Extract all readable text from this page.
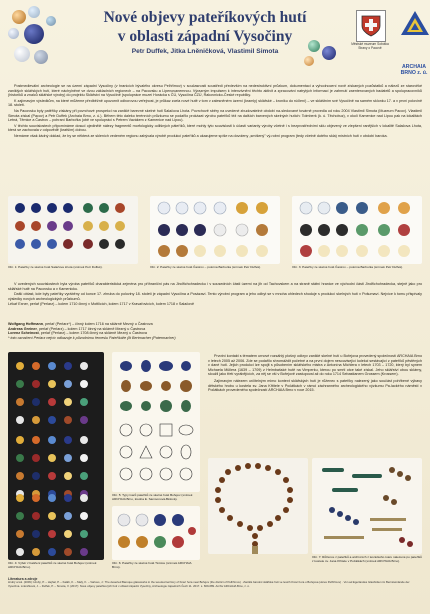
Nové objevy pateříkových hutí
v oblasti západní Vysočiny
Petr Duffek, Jitka Lněničková, Vlastimil Simota
Městské muzeum Sobotka Strany o Pacově
ARCHAIA
BRNO z. ú.

Postmedievální archeologie se na území západní Vysočiny (v hranicích bývalého okresu Pelhřimov) v současnosti soustředí především na nedestruktivní průzkum, dokumentaci a vyhodnocení nově získaných pozůstatků a nálezů ze starověké zaniklých sklářských hutí, které náchylněné ve dvou základních regionech – na Pacovsku a Lipenovanemnou. Výrazným impulsem k intenzivnění těchto aktivit a zpracování natrytých informací je zahrnutí zaenterovaných badatelů a spolupracovníků (historiků a znalců sklářské výroby) do projektu Sklářství na Vysočině (spolupráce muzeí Horácka s ČÚ, Vysočina ČZÚ, Rakovnicko-České republiky.

K zajímavým výsledkům, na které můžeme předběžně upozornit odborovou veřejnost, je průkaz zcela nové hutě v tom v zalesněném území (kramly) sklářské – kroniku do rúčlení) – ve skláštním své Vysočině na samém sklonku 17. a v první polovině 18. století.

Na Pacovsku byly patěříky získány při povrchové prospekci na zaniklé barevné skelné huti Salačova Lhota. Povrchově sběry na uvedené zbudovatelné období na-sledované továrně provedla od roku 2004 Vlastimil Simota (Muzeum Pacov). Vlastimil Simota získal (Pacov) a Petr Duffek (Archaia Brno, z. ú.). Během této daleko terénních průzkumu se podařilo prokázat výrobu pateříků též na dalších barvených skelných hutích: Tolmberk (k. ú. Těchobuz), v okolí Kamenice nad Lipou pak na lokalitách Letná, Těmice a Častrov – pohraní Barbořka (obě ve spolupráci s Petrem Vavákem z Kamenice nad Lipou).

V těchto souvislostech připomínáme dosud ojedinělé nálezy fragmentů morfologicky odlišných páteříků, které mohly tyto souvislosti k účastí varianty výroby včetně i s bezprostředními sklu objevený ve zlepšení ranějších v lokalitě Salačova Lhota, která se zachovala v odpovědě (kratším) dobou.

Nemáme však žádný doklad, že by se některá ze skleních vedeném regionu zabývala výrobě produkcí pateříků a ukazujeme spíše na dovoleny „smíšený" vý-robní program (tedy včetně dutého skla) místních hutí v období baroka.

Obr. 1: Pateříky ze skelné hutě Salačova Lhota (snímek Petr Duffek).	Obr. 2: Pateříky ze skelné hutě Častrov – polorna Barborka (snímek Petr Duffek).	Obr. 3: Pateříky ze skelné hutě Častrov – polorna Barborka (snímek Petr Duffek).

V uvedených souvislostech byla výroba pateříků charakteristická zejména pro příhraniční pás na Jindřichohradecku i v sousedních části území na jih od Tachovskem a na straně státní hranice ve východní části Jindřichohradecka, stejně jako pro sklářské hutě na Pacovsku a v Kamenicku.

Další oblast, kde byly pateříky vyráběny od konce 17. zhruba do poloviny 18. století je západní Vysočina a Posázaví. Tento výrobní program a jeho odbyt se v mnoha ohledech shoduje s produkcí skelných hutí v Pošumaví. Nejvíce k tomu přispívaly výsledky nových archeologických průzkumů.

Lékař Exner, perlař (Perlarz) – kolem 1710 činný v Mottlicích, kolem 1717 v Kravařovicích, kolem 1718 v Salačově

Wolfgang Hoffmann, perlař (Perlarz*) – činný kolem 1716 na sklárně Mezný u Častrova
Andreas Greiner, perlař (Perlarz) – kolem 1717 činný na sklárně Mezný u Častrova
Lorenz Scheinost, perlař (Perlarz) – kolem 1708 činný na sklárně Mezný u Častrova
* toto označení Perlarz nejvíc odkazuje k původnímu řemeslu Pateříkáře (lit Bertmacher (Patermacher)
Obr. 4: Výběr z batičení pateříků ze skelné hutě Bořejov (snímek ARCHAIA Brno).
Obr. 5: Typy tvarů pateříků ze skelné hutě Bořejov (snímek ARCHAIA Brno, kresba E. Samsonová-Bělová).
Obr. 6: Pateříky ze skelné hutě Těmice (snímek ARCHAIA Brno).

Prvotní kontakt s tématem urnové rozsáhlý plošný odkryv zaniklé skelné hutí u Bořejova provedený společností ARCHAIA Brno v letech 2005 až 2006. Zde se podařilo shromáždit početné a na první dojem nesouvisející kolekci sestávající z pateříků pěstěných v dané huti. Jejich produkci lze spojit s působením sklářského mistra z Antonína Michlera v letech 1703 – 1720, který byl synem Michaela Müllera (1639 – 1709) z Helmbašské hutě na Vimperku, kterou po smrti otce také získal. Jeho sklářství obou sklárny, sloužil jako třetí vyrábějících, za něj se vši v Bořejově zastupoval až do roku 1714 Sebastianem Grossem (Krossem).

Zajímavým nálezem určitelným mimo kontext sklářských hutí je růženec s pateříky nalezený jako součást pohřbené výbavy dětského hrobu u kostela sv. Jana Křtitele v Počátkách v rámci záchranného archeologického výzkumu Pa-lackého náměstí v Počátkách provedeného společností ARCHAIA Brno v roce 2015.

Obr. 7: Růžence z pateříků a archívních z lesnického tvaru nalezené po pateříků z kostele sv. Jana Křtitele v Počátkách (snímek ARCHAIA Brno).
Literatura a zdroje
Hrubý a kol. (2009): Hrubý, P. – Hejhal, P. – Kaláb, K. – Malý, K. – Vaňous, J.: The deserted Baroque glassworks in the wooded territory of Kraví hora near Bořejov (the district of Pelhřimov) · Zaniklé barokní sklářské huti ve lesích Kraví hora u Bořejova (okres Pelhřimov) · Von ad Egerlandes Glashütten im Bernsteinlande der Vysočina. Lněničková, J. – Duffek, P. – Simota, V. (2017): Nové objevy pateříkových hutí v oblasti západní Vysočiny, Archeologie západních Čech 11. 2017. s. 669-689. Archiv ARCHAIA Brno, z. ú.
